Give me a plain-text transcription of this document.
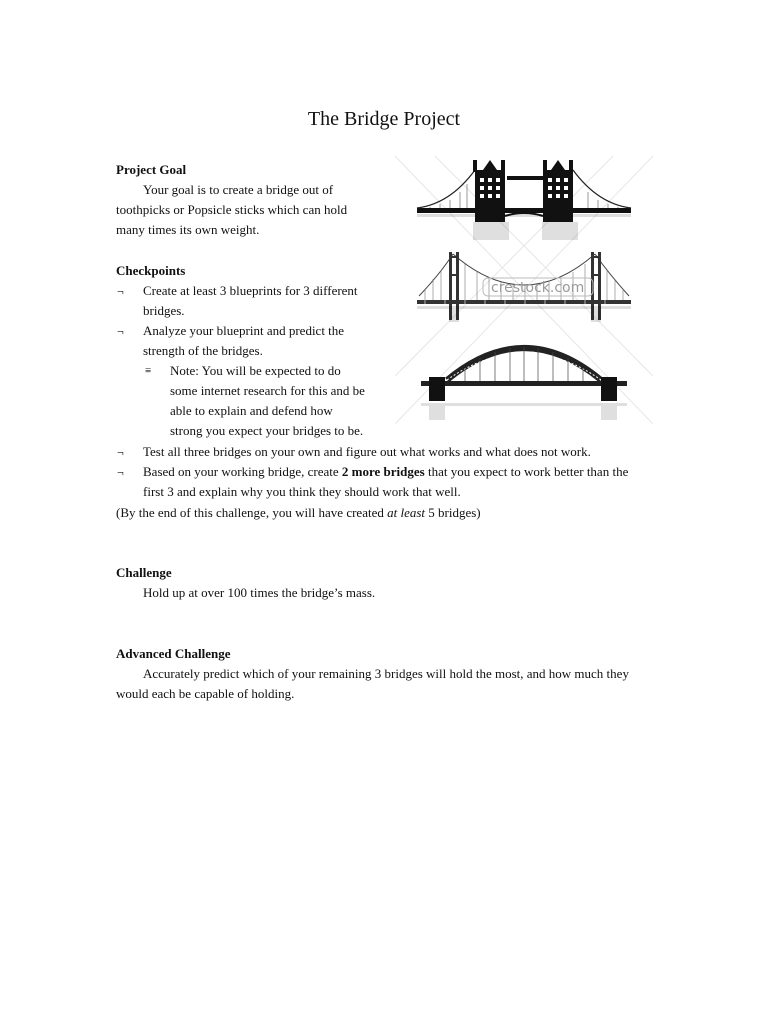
The Bridge Project
Project Goal
Your goal is to create a bridge out of
toothpicks or Popsicle sticks which can hold
many times its own weight.
Checkpoints
¬ Create at least 3 blueprints for 3 different
bridges.
¬ Analyze your blueprint and predict the
strength of the bridges.
≡ Note: You will be expected to do
some internet research for this and be
able to explain and defend how
strong you expect your bridges to be.
¬ Test all three bridges on your own and figure out what works and what does not work.
¬ Based on your working bridge, create 2 more bridges that you expect to work better than the
first 3 and explain why you think they should work that well.
(By the end of this challenge, you will have created at least 5 bridges)
Challenge
Hold up at over 100 times the bridge’s mass.
Advanced Challenge
Accurately predict which of your remaining 3 bridges will hold the most, and how much they
would each be capable of holding.
crestock.com
